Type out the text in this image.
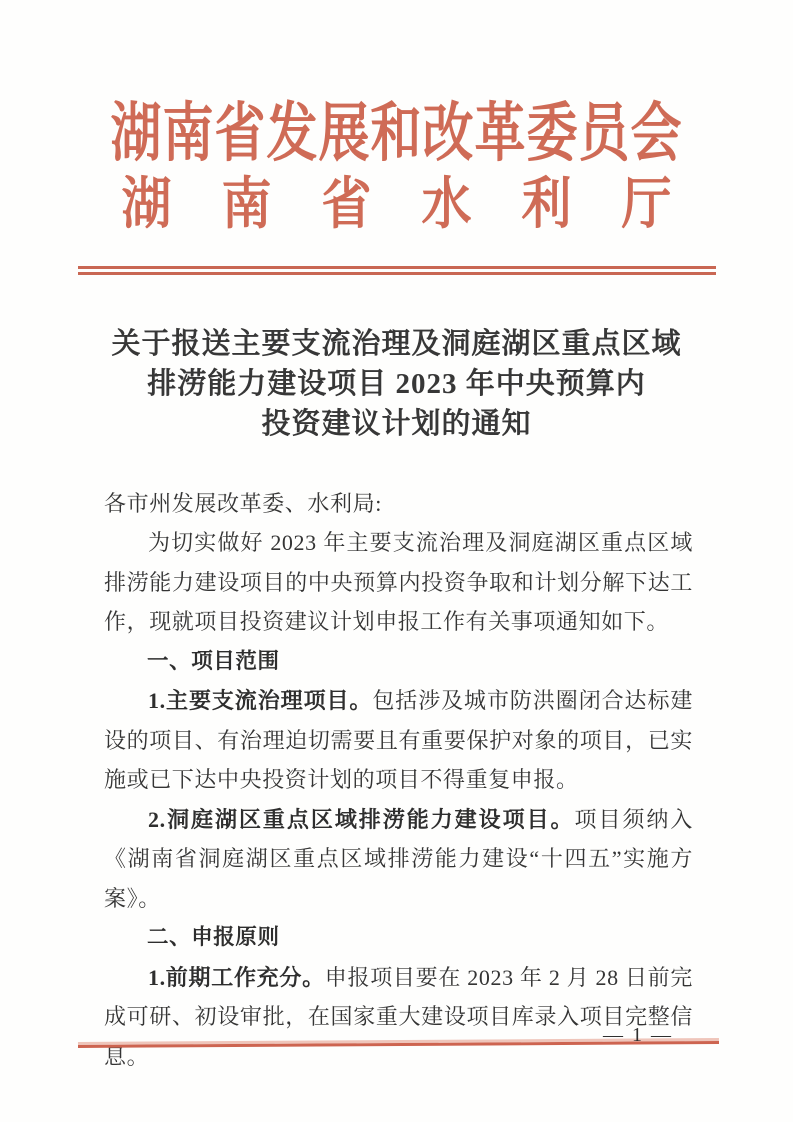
湖南省发展和改革委员会
湖　南　省　水　利　厅
关于报送主要支流治理及洞庭湖区重点区域
排涝能力建设项目 2023 年中央预算内
投资建议计划的通知

各市州发展改革委、水利局:

为切实做好 2023 年主要支流治理及洞庭湖区重点区域排涝能力建设项目的中央预算内投资争取和计划分解下达工作，现就项目投资建议计划申报工作有关事项通知如下。

一、项目范围

1.主要支流治理项目。包括涉及城市防洪圈闭合达标建设的项目、有治理迫切需要且有重要保护对象的项目，已实施或已下达中央投资计划的项目不得重复申报。

2.洞庭湖区重点区域排涝能力建设项目。项目须纳入《湖南省洞庭湖区重点区域排涝能力建设“十四五”实施方案》。

二、申报原则

1.前期工作充分。申报项目要在 2023 年 2 月 28 日前完成可研、初设审批，在国家重大建设项目库录入项目完整信息。

— 1 —
